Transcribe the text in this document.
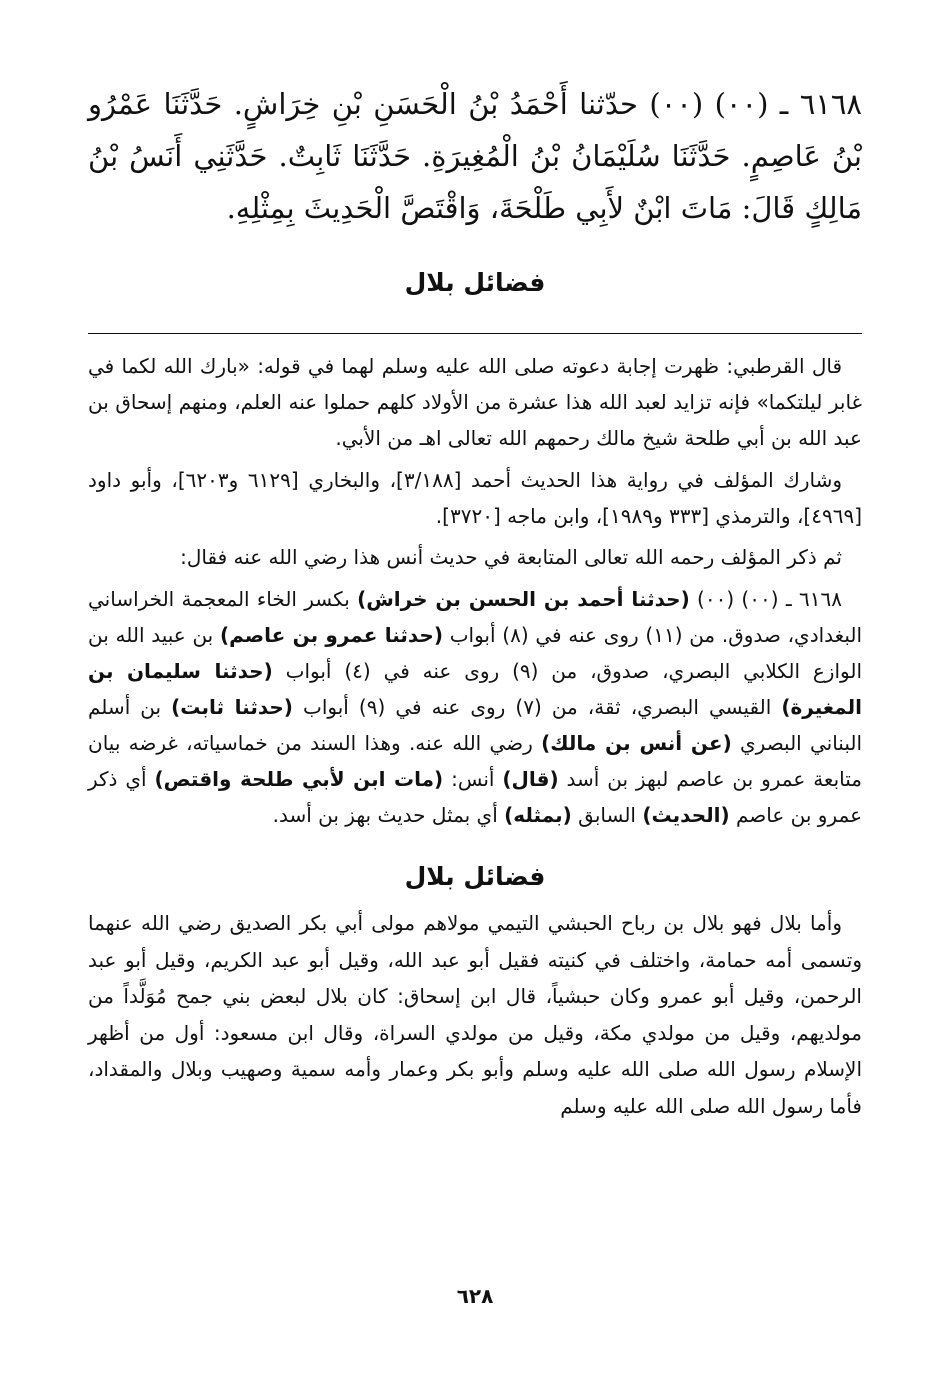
٦١٦٨ ـ (٠٠) (٠٠) حدّثنا أَحْمَدُ بْنُ الْحَسَنِ بْنِ خِرَاشٍ. حَدَّثَنَا عَمْرُو بْنُ عَاصِمٍ. حَدَّثَنَا سُلَيْمَانُ بْنُ الْمُغِيرَةِ. حَدَّثَنَا ثَابِتٌ. حَدَّثَنِي أَنَسُ بْنُ مَالِكٍ قَالَ: مَاتَ ابْنٌ لأَبِي طَلْحَةَ، وَاقْتَصَّ الْحَدِيثَ بِمِثْلِهِ.

فضائل بلال

قال القرطبي: ظهرت إجابة دعوته صلى الله عليه وسلم لهما في قوله: «بارك الله لكما في غابر ليلتكما» فإنه تزايد لعبد الله هذا عشرة من الأولاد كلهم حملوا عنه العلم، ومنهم إسحاق بن عبد الله بن أبي طلحة شيخ مالك رحمهم الله تعالى اهـ من الأبي.

وشارك المؤلف في رواية هذا الحديث أحمد [٣/١٨٨]، والبخاري [٦١٢٩ و٦٢٠٣]، وأبو داود [٤٩٦٩]، والترمذي [٣٣٣ و١٩٨٩]، وابن ماجه [٣٧٢٠].

ثم ذكر المؤلف رحمه الله تعالى المتابعة في حديث أنس هذا رضي الله عنه فقال:

٦١٦٨ ـ (٠٠) (٠٠) (حدثنا أحمد بن الحسن بن خراش) بكسر الخاء المعجمة الخراساني البغدادي، صدوق. من (١١) روى عنه في (٨) أبواب (حدثنا عمرو بن عاصم) بن عبيد الله بن الوازع الكلابي البصري، صدوق، من (٩) روى عنه في (٤) أبواب (حدثنا سليمان بن المغيرة) القيسي البصري، ثقة، من (٧) روى عنه في (٩) أبواب (حدثنا ثابت) بن أسلم البناني البصري (عن أنس بن مالك) رضي الله عنه. وهذا السند من خماسياته، غرضه بيان متابعة عمرو بن عاصم لبهز بن أسد (قال) أنس: (مات ابن لأبي طلحة واقتص) أي ذكر عمرو بن عاصم (الحديث) السابق (بمثله) أي بمثل حديث بهز بن أسد.

فضائل بلال

وأما بلال فهو بلال بن رباح الحبشي التيمي مولاهم مولى أبي بكر الصديق رضي الله عنهما وتسمى أمه حمامة، واختلف في كنيته فقيل أبو عبد الله، وقيل أبو عبد الكريم، وقيل أبو عبد الرحمن، وقيل أبو عمرو وكان حبشياً، قال ابن إسحاق: كان بلال لبعض بني جمح مُوَلَّداً من مولديهم، وقيل من مولدي مكة، وقيل من مولدي السراة، وقال ابن مسعود: أول من أظهر الإسلام رسول الله صلى الله عليه وسلم وأبو بكر وعمار وأمه سمية وصهيب وبلال والمقداد، فأما رسول الله صلى الله عليه وسلم

٦٢٨
